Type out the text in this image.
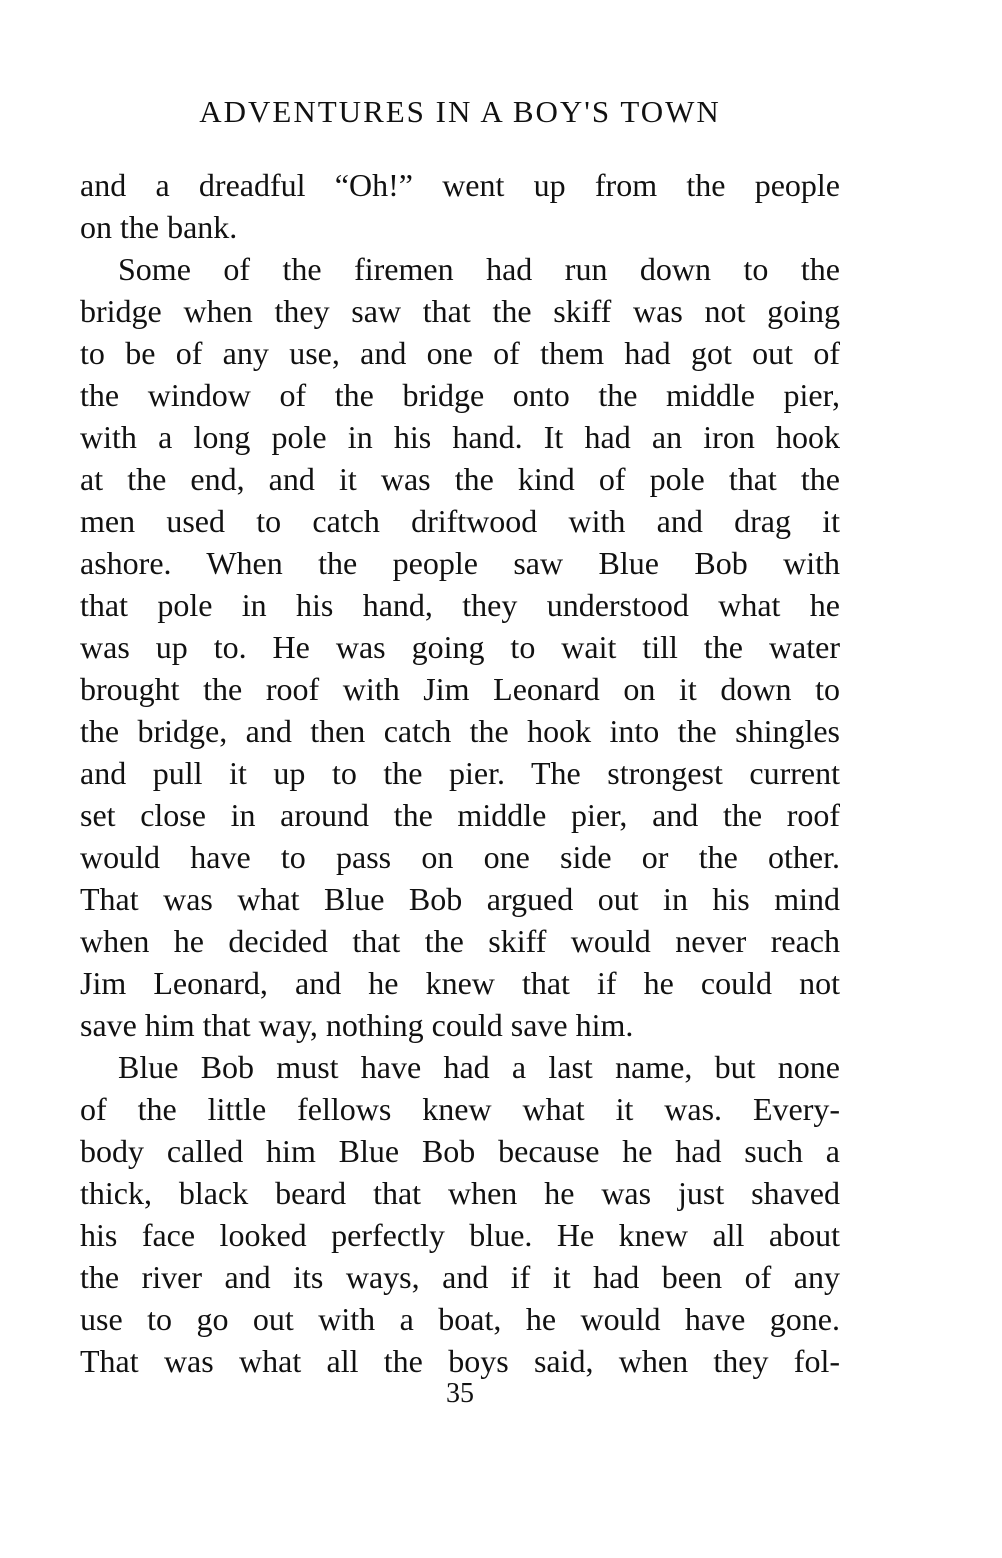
ADVENTURES IN A BOY'S TOWN
and a dreadful “Oh!” went up from the people
on the bank.
Some of the firemen had run down to the
bridge when they saw that the skiff was not going
to be of any use, and one of them had got out of
the window of the bridge onto the middle pier,
with a long pole in his hand. It had an iron hook
at the end, and it was the kind of pole that the
men used to catch driftwood with and drag it
ashore. When the people saw Blue Bob with
that pole in his hand, they understood what he
was up to. He was going to wait till the water
brought the roof with Jim Leonard on it down to
the bridge, and then catch the hook into the shingles
and pull it up to the pier. The strongest current
set close in around the middle pier, and the roof
would have to pass on one side or the other.
That was what Blue Bob argued out in his mind
when he decided that the skiff would never reach
Jim Leonard, and he knew that if he could not
save him that way, nothing could save him.
Blue Bob must have had a last name, but none
of the little fellows knew what it was. Every-
body called him Blue Bob because he had such a
thick, black beard that when he was just shaved
his face looked perfectly blue. He knew all about
the river and its ways, and if it had been of any
use to go out with a boat, he would have gone.
That was what all the boys said, when they fol-
35
